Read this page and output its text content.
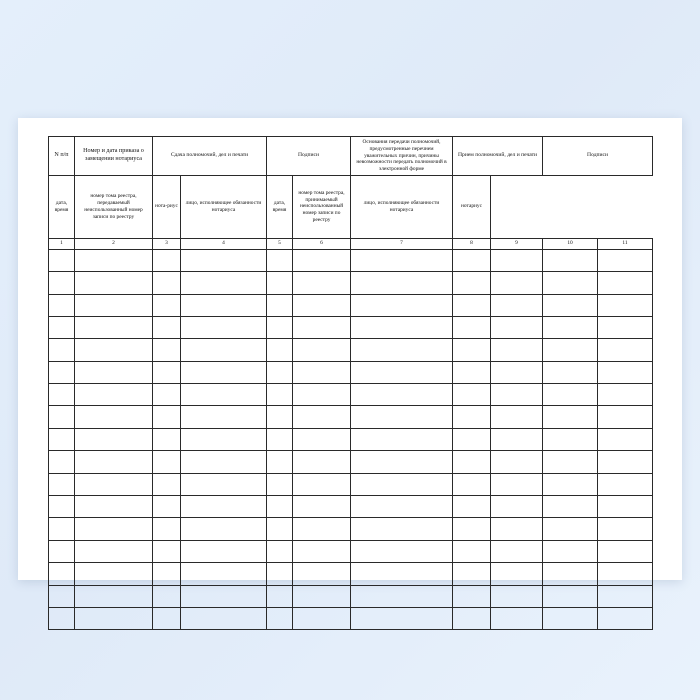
N п/п	Номер и дата приказа о замещении нотариуса	Сдача полномочий, дел и печати		Подписи		Основания передачи полномочий, предусмотренные перечнем уважительных причин, причины невозможности передать полномочий в электронной форме	Прием полномочий, дел и печати		Подписи	

дата, время	номер тома реестра, передаваемый неиспользованный номер записи по реестру	нота-риус	лицо, исполняющее обязанности нотариуса	дата, время	номер тома реестра, принимаемый неиспользованный номер записи по реестру	лицо, исполняющее обязанности нотариуса	нотариус			
1	2	3	4	5	6	7	8	9	10	11
